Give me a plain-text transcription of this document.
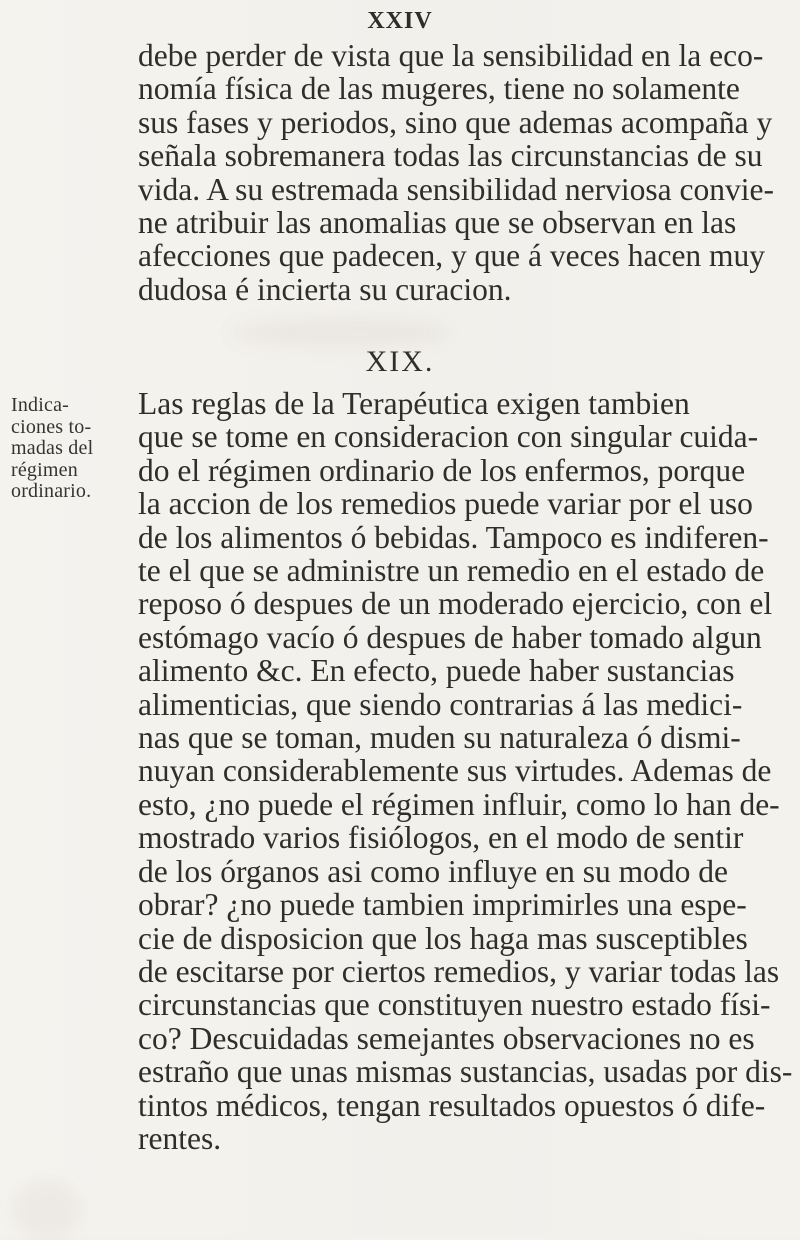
XXIV
debe perder de vista que la sensibilidad en la eco-
nomía física de las mugeres, tiene no solamente
sus fases y periodos, sino que ademas acompaña y
señala sobremanera todas las circunstancias de su
vida. A su estremada sensibilidad nerviosa convie-
ne atribuir las anomalias que se observan en las
afecciones que padecen, y que á veces hacen muy
dudosa é incierta su curacion.
XIX.
Indica-
ciones to-
madas del
régimen
ordinario.
Las reglas de la Terapéutica exigen tambien
que se tome en consideracion con singular cuida-
do el régimen ordinario de los enfermos, porque
la accion de los remedios puede variar por el uso
de los alimentos ó bebidas. Tampoco es indiferen-
te el que se administre un remedio en el estado de
reposo ó despues de un moderado ejercicio, con el
estómago vacío ó despues de haber tomado algun
alimento &c. En efecto, puede haber sustancias
alimenticias, que siendo contrarias á las medici-
nas que se toman, muden su naturaleza ó dismi-
nuyan considerablemente sus virtudes. Ademas de
esto, ¿no puede el régimen influir, como lo han de-
mostrado varios fisiólogos, en el modo de sentir
de los órganos asi como influye en su modo de
obrar? ¿no puede tambien imprimirles una espe-
cie de disposicion que los haga mas susceptibles
de escitarse por ciertos remedios, y variar todas las
circunstancias que constituyen nuestro estado físi-
co? Descuidadas semejantes observaciones no es
estraño que unas mismas sustancias, usadas por dis-
tintos médicos, tengan resultados opuestos ó dife-
rentes.
